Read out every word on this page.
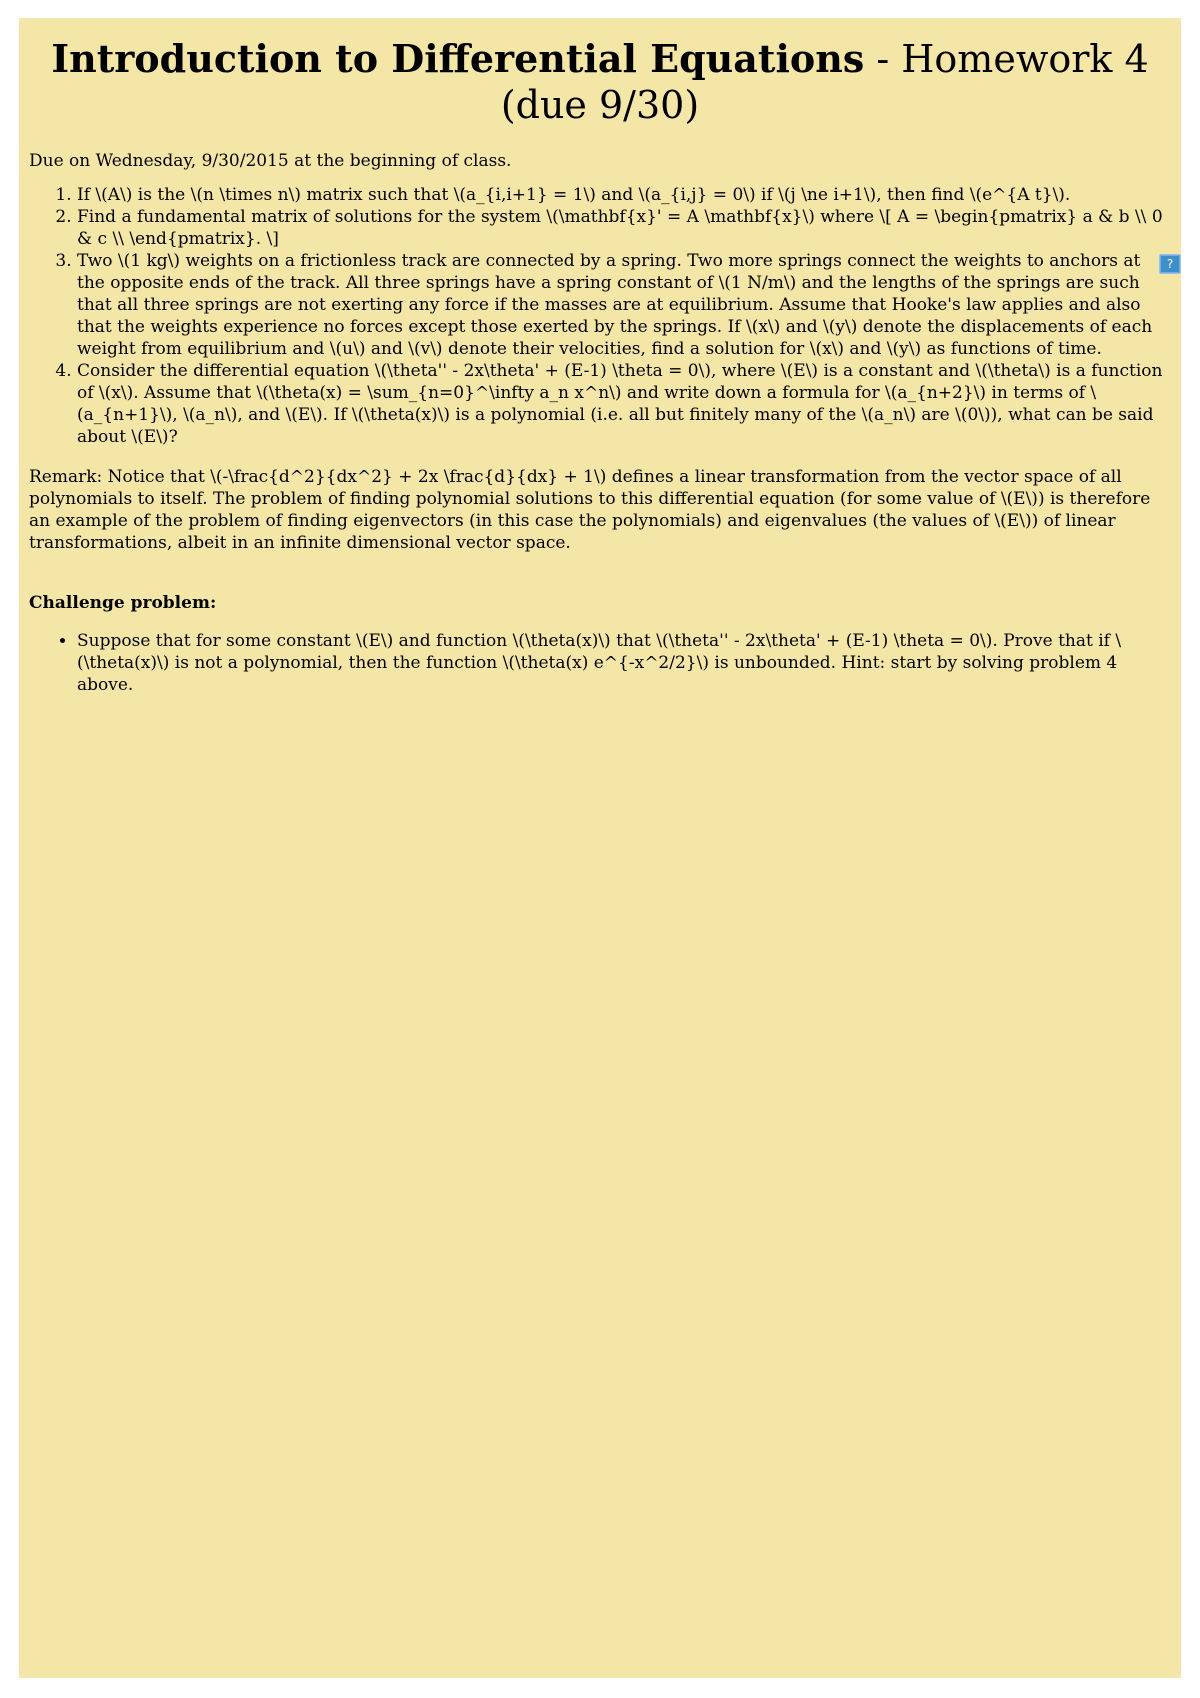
Introduction to Differential Equations - Homework 4 (due 9/30)

Due on Wednesday, 9/30/2015 at the beginning of class.

1. If \(A\) is the \(n \times n\) matrix such that \(a_{i,i+1} = 1\) and \(a_{i,j} = 0\) if \(j \ne i+1\), then find \(e^{A t}\).
2. Find a fundamental matrix of solutions for the system \(\mathbf{x}' = A \mathbf{x}\) where \[ A = \begin{pmatrix} a & b \\ 0 & c \\ \end{pmatrix}. \]
3. Two \(1 kg\) weights on a frictionless track are connected by a spring. Two more springs connect the weights to anchors at the opposite ends of the track. All three springs have a spring constant of \(1 N/m\) and the lengths of the springs are such that all three springs are not exerting any force if the masses are at equilibrium. Assume that Hooke's law applies and also that the weights experience no forces except those exerted by the springs. If \(x\) and \(y\) denote the displacements of each weight from equilibrium and \(u\) and \(v\) denote their velocities, find a solution for \(x\) and \(y\) as functions of time.
?
4. Consider the differential equation \(\theta'' - 2x\theta' + (E-1) \theta = 0\), where \(E\) is a constant and \(\theta\) is a function of \(x\). Assume that \(\theta(x) = \sum_{n=0}^\infty a_n x^n\) and write down a formula for \(a_{n+2}\) in terms of \(a_{n+1}\), \(a_n\), and \(E\). If \(\theta(x)\) is a polynomial (i.e. all but finitely many of the \(a_n\) are \(0\)), what can be said about \(E\)?

Remark: Notice that \(-\frac{d^2}{dx^2} + 2x \frac{d}{dx} + 1\) defines a linear transformation from the vector space of all polynomials to itself. The problem of finding polynomial solutions to this differential equation (for some value of \(E\)) is therefore an example of the problem of finding eigenvectors (in this case the polynomials) and eigenvalues (the values of \(E\)) of linear transformations, albeit in an infinite dimensional vector space.

Challenge problem:

• Suppose that for some constant \(E\) and function \(\theta(x)\) that \(\theta'' - 2x\theta' + (E-1) \theta = 0\). Prove that if \(\theta(x)\) is not a polynomial, then the function \(\theta(x) e^{-x^2/2}\) is unbounded. Hint: start by solving problem 4 above.
